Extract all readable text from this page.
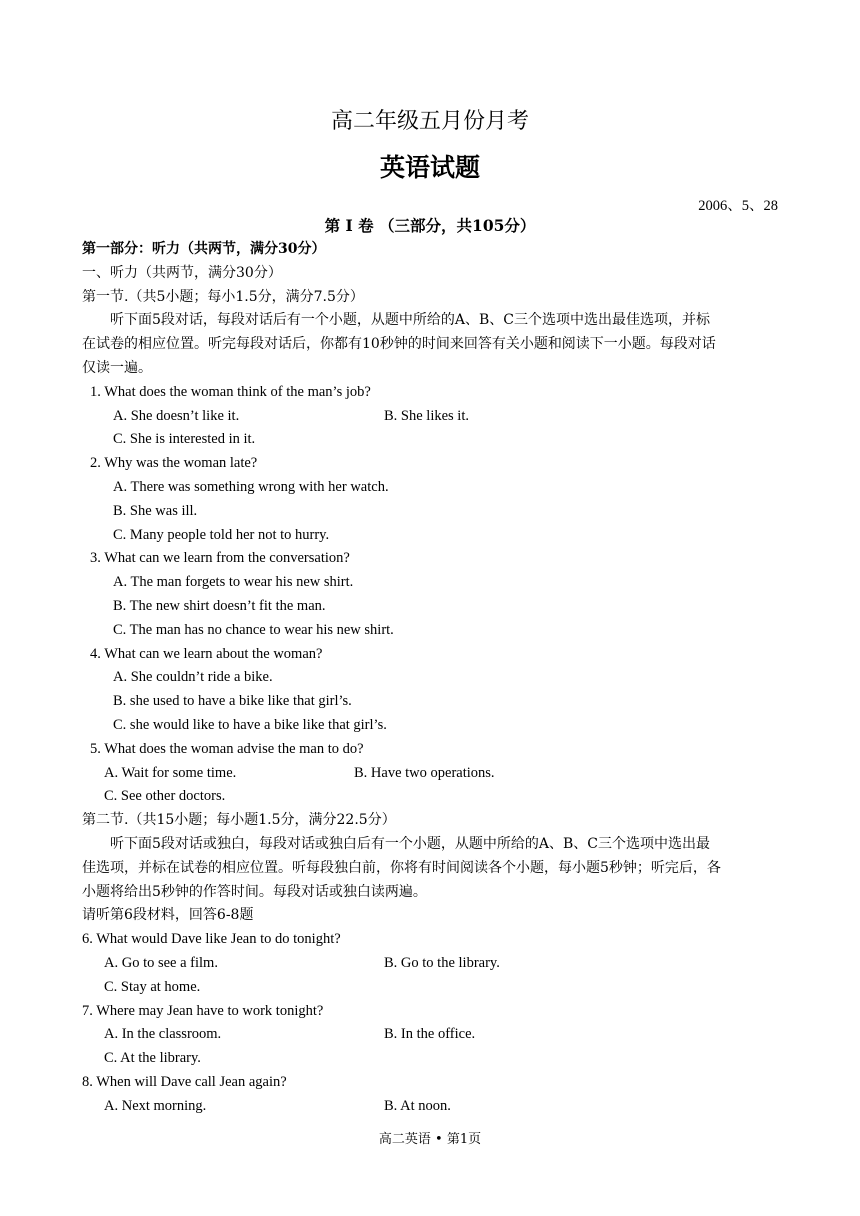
高二年级五月份月考
英语试题
2006、5、28
第 I 卷 （三部分，共105分）
第一部分：听力（共两节，满分30分）
一、听力（共两节，满分30分）
第一节.（共5小题；每小1.5分，满分7.5分）
听下面5段对话，每段对话后有一个小题，从题中所给的A、B、C三个选项中选出最佳选项，并标
在试卷的相应位置。听完每段对话后，你都有10秒钟的时间来回答有关小题和阅读下一小题。每段对话
仅读一遍。
1. What does the woman think of the man’s job?
A. She doesn’t like it.	B. She likes it.
C. She is interested in it.
2. Why was the woman late?
A. There was something wrong with her watch.
B. She was ill.
C. Many people told her not to hurry.
3. What can we learn from the conversation?
A. The man forgets to wear his new shirt.
B. The new shirt doesn’t fit the man.
C. The man has no chance to wear his new shirt.
4. What can we learn about the woman?
A. She couldn’t ride a bike.
B. she used to have a bike like that girl’s.
C. she would like to have a bike like that girl’s.
5. What does the woman advise the man to do?
A. Wait for some time.	B. Have two operations.
C. See other doctors.
第二节.（共15小题；每小题1.5分，满分22.5分）
听下面5段对话或独白，每段对话或独白后有一个小题，从题中所给的A、B、C三个选项中选出最
佳选项，并标在试卷的相应位置。听每段独白前，你将有时间阅读各个小题，每小题5秒钟；听完后，各
小题将给出5秒钟的作答时间。每段对话或独白读两遍。
请听第6段材料，回答6-8题
6. What would Dave like Jean to do tonight?
A. Go to see a film.	B. Go to the library.
C. Stay at home.
7. Where may Jean have to work tonight?
A. In the classroom.	B. In the office.
C. At the library.
8. When will Dave call Jean again?
A. Next morning.	B. At noon.
高二英语 • 第1页
